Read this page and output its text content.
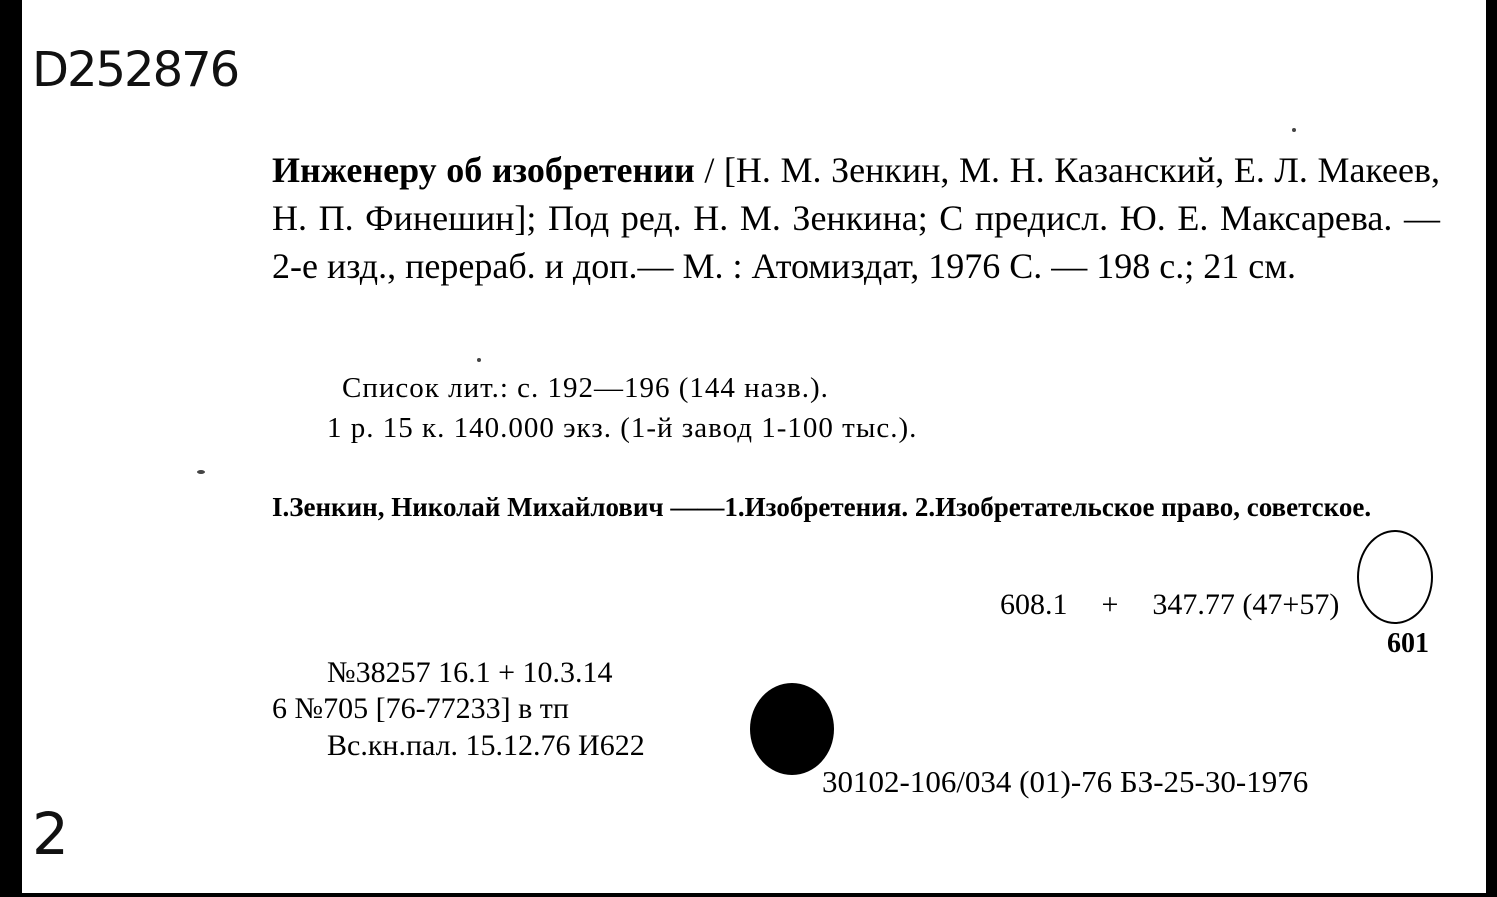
D252876
Инженеру об изобретении / [Н. М. Зенкин, М. Н. Казанский, Е. Л. Макеев, Н. П. Финешин]; Под ред. Н. М. Зенкина; С предисл. Ю. Е. Максарева. — 2-е изд., перераб. и доп.— М. : Атомиздат, 1976 С. — 198 с.; 21 см.
Список лит.: с. 192—196 (144 назв.).
1 р. 15 к. 140.000 экз. (1-й завод 1-100 тыс.).
I.Зенкин, Николай Михайлович ——1.Изобретения. 2.Изобретательское право, советское.
608.1 + 347.77 (47+57)
601
№38257 16.1 + 10.3.14
6 №705 [76-77233] в тп
Вс.кн.пал. 15.12.76 И622
30102-106/034 (01)-76 БЗ-25-30-1976
2
